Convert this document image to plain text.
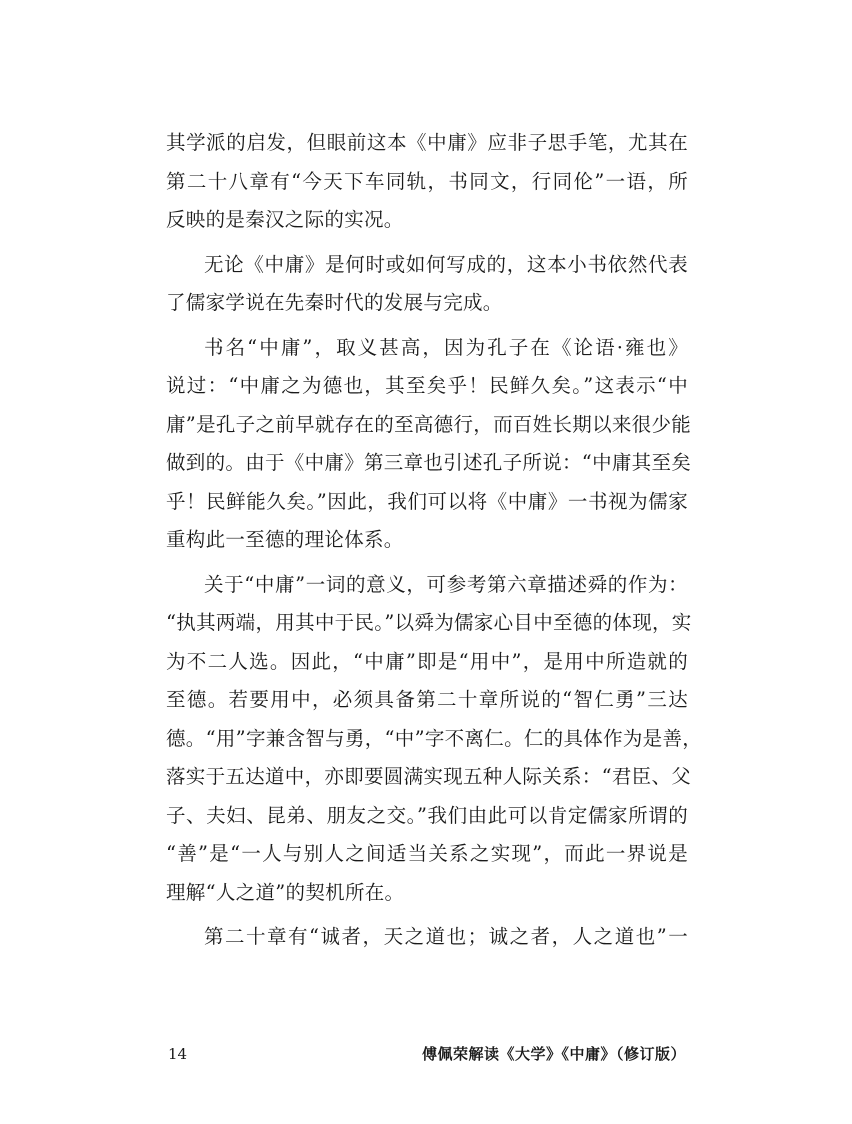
其学派的启发，但眼前这本《中庸》应非子思手笔，尤其在
第二十八章有“今天下车同轨，书同文，行同伦”一语，所
反映的是秦汉之际的实况。
无论《中庸》是何时或如何写成的，这本小书依然代表
了儒家学说在先秦时代的发展与完成。
书名“中庸”，取义甚高，因为孔子在《论语·雍也》
说过：“中庸之为德也，其至矣乎！民鲜久矣。”这表示“中
庸”是孔子之前早就存在的至高德行，而百姓长期以来很少能
做到的。由于《中庸》第三章也引述孔子所说：“中庸其至矣
乎！民鲜能久矣。”因此，我们可以将《中庸》一书视为儒家
重构此一至德的理论体系。
关于“中庸”一词的意义，可参考第六章描述舜的作为：
“执其两端，用其中于民。”以舜为儒家心目中至德的体现，实
为不二人选。因此，“中庸”即是“用中”，是用中所造就的
至德。若要用中，必须具备第二十章所说的“智仁勇”三达
德。“用”字兼含智与勇，“中”字不离仁。仁的具体作为是善，
落实于五达道中，亦即要圆满实现五种人际关系：“君臣、父
子、夫妇、昆弟、朋友之交。”我们由此可以肯定儒家所谓的
“善”是“一人与别人之间适当关系之实现”，而此一界说是
理解“人之道”的契机所在。
第二十章有“诚者，天之道也；诚之者，人之道也”一
14	傅佩荣解读《大学》《中庸》（修订版）
